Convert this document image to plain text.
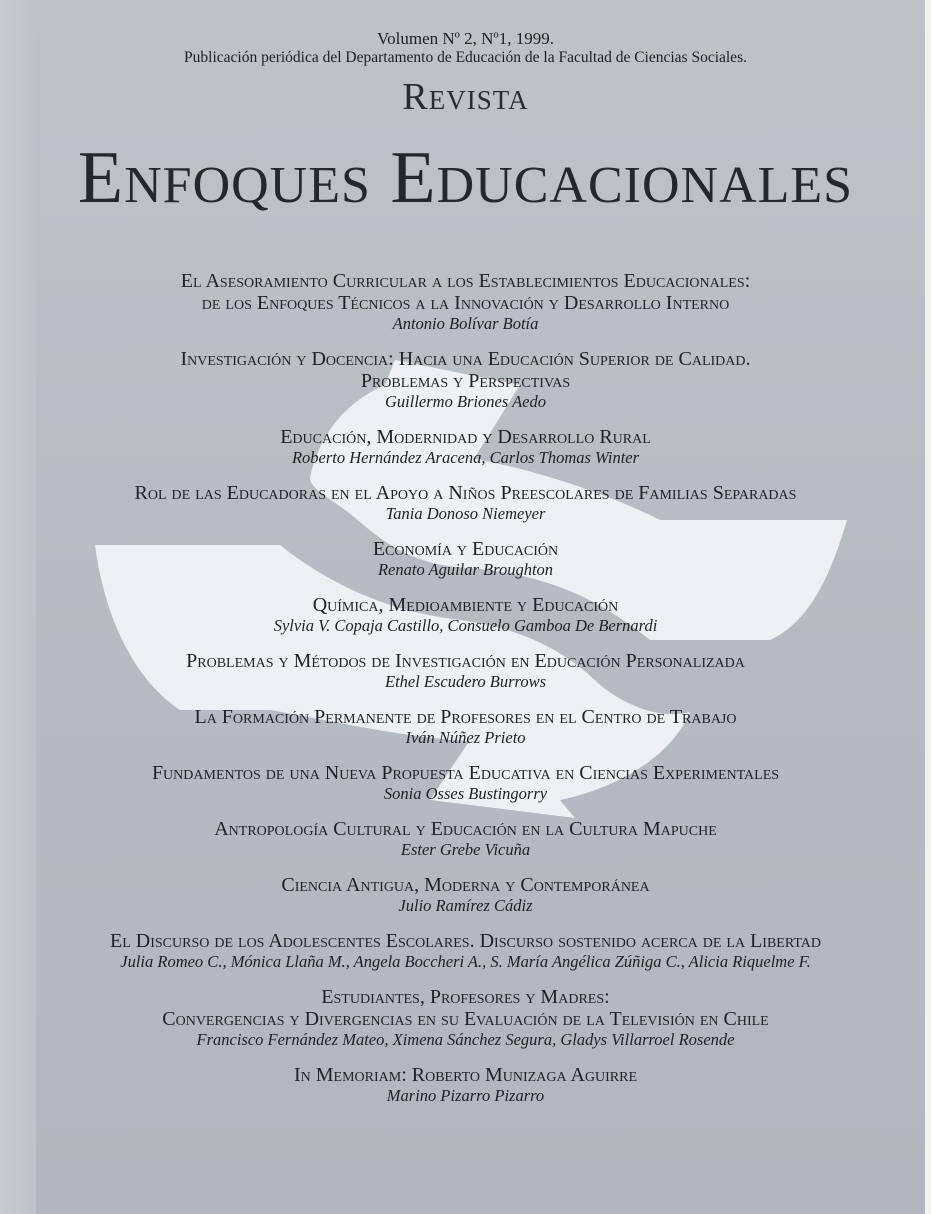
Volumen Nº 2, Nº1, 1999.
Publicación periódica del Departamento de Educación de la Facultad de Ciencias Sociales.
Revista
Enfoques Educacionales
El Asesoramiento Curricular a los Establecimientos Educacionales:
de los Enfoques Técnicos a la Innovación y Desarrollo Interno
Antonio Bolívar Botía
Investigación y Docencia: Hacia una Educación Superior de Calidad.
Problemas y Perspectivas
Guillermo Briones Aedo
Educación, Modernidad y Desarrollo Rural
Roberto Hernández Aracena, Carlos Thomas Winter
Rol de las Educadoras en el Apoyo a Niños Preescolares de Familias Separadas
Tania Donoso Niemeyer
Economía y Educación
Renato Aguilar Broughton
Química, Medioambiente y Educación
Sylvia V. Copaja Castillo, Consuelo Gamboa De Bernardi
Problemas y Métodos de Investigación en Educación Personalizada
Ethel Escudero Burrows
La Formación Permanente de Profesores en el Centro de Trabajo
Iván Núñez Prieto
Fundamentos de una Nueva Propuesta Educativa en Ciencias Experimentales
Sonia Osses Bustingorry
Antropología Cultural y Educación en la Cultura Mapuche
Ester Grebe Vicuña
Ciencia Antigua, Moderna y Contemporánea
Julio Ramírez Cádiz
El Discurso de los Adolescentes Escolares. Discurso sostenido acerca de la Libertad
Julia Romeo C., Mónica Llaña M., Angela Boccheri A., S. María Angélica Zúñiga C., Alicia Riquelme F.
Estudiantes, Profesores y Madres:
Convergencias y Divergencias en su Evaluación de la Televisión en Chile
Francisco Fernández Mateo, Ximena Sánchez Segura, Gladys Villarroel Rosende
In Memoriam: Roberto Munizaga Aguirre
Marino Pizarro Pizarro
